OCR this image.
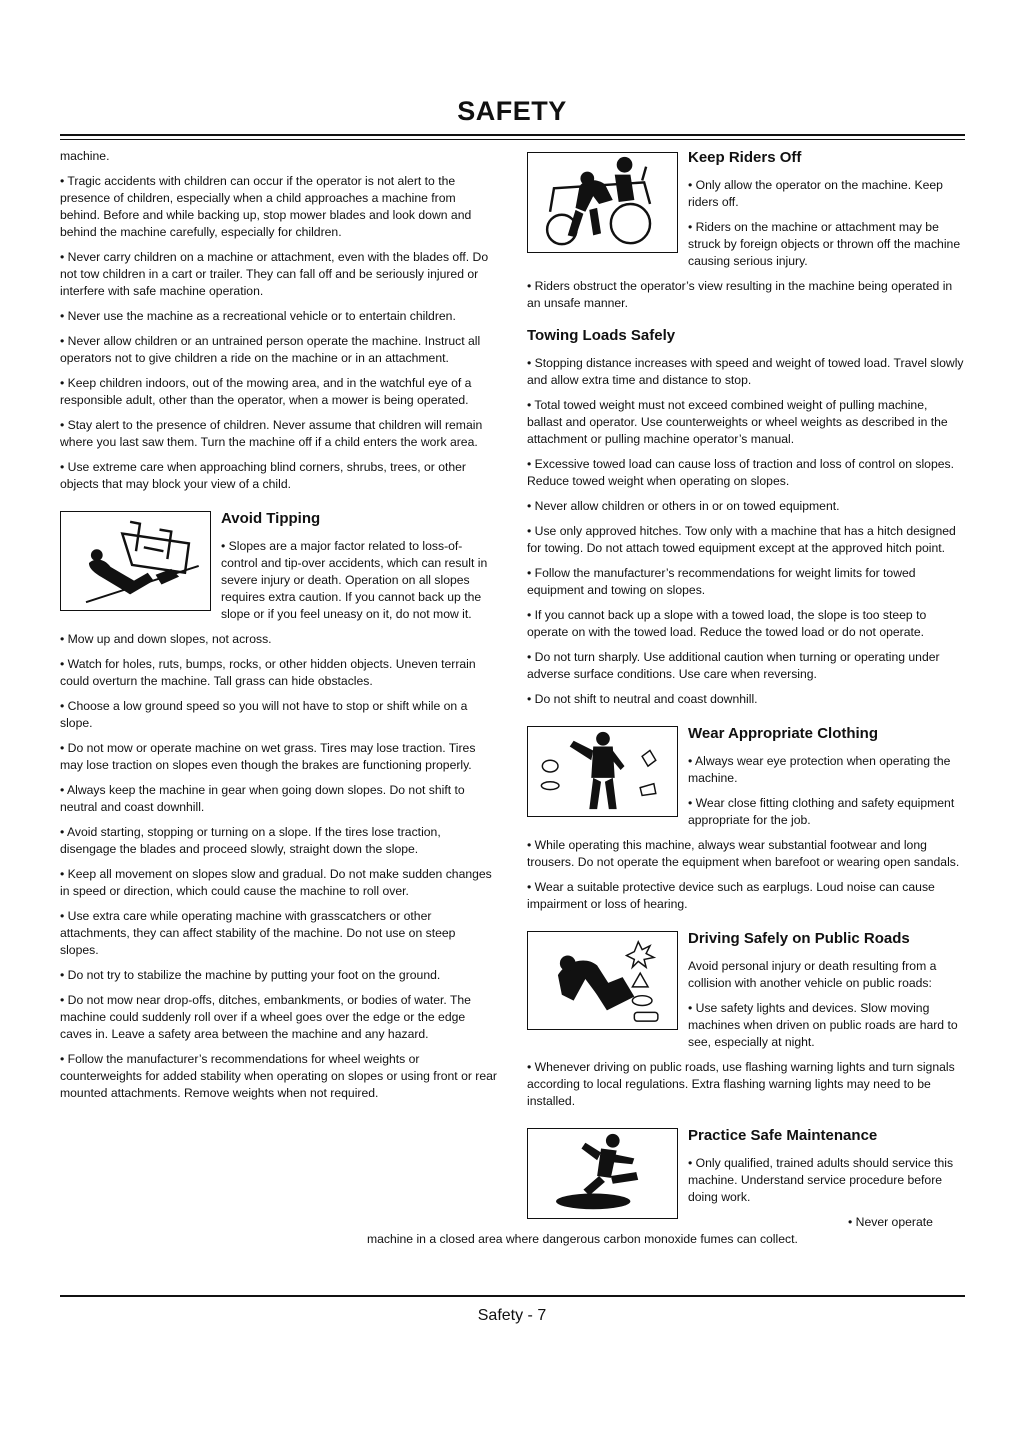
SAFETY

machine.

• Tragic accidents with children can occur if the operator is not alert to the presence of children, especially when a child approaches a machine from behind. Before and while backing up, stop mower blades and look down and behind the machine carefully, especially for children.

• Never carry children on a machine or attachment, even with the blades off. Do not tow children in a cart or trailer. They can fall off and be seriously injured or interfere with safe machine operation.

• Never use the machine as a recreational vehicle or to entertain children.

• Never allow children or an untrained person operate the machine. Instruct all operators not to give children a ride on the machine or in an attachment.

• Keep children indoors, out of the mowing area, and in the watchful eye of a responsible adult, other than the operator, when a mower is being operated.

• Stay alert to the presence of children. Never assume that children will remain where you last saw them. Turn the machine off if a child enters the work area.

• Use extreme care when approaching blind corners, shrubs, trees, or other objects that may block your view of a child.

Avoid Tipping

• Slopes are a major factor related to loss-of-control and tip-over accidents, which can result in severe injury or death. Operation on all slopes requires extra caution. If you cannot back up the slope or if you feel uneasy on it, do not mow it.

• Mow up and down slopes, not across.

• Watch for holes, ruts, bumps, rocks, or other hidden objects. Uneven terrain could overturn the machine. Tall grass can hide obstacles.

• Choose a low ground speed so you will not have to stop or shift while on a slope.

• Do not mow or operate machine on wet grass. Tires may lose traction. Tires may lose traction on slopes even though the brakes are functioning properly.

• Always keep the machine in gear when going down slopes. Do not shift to neutral and coast downhill.

• Avoid starting, stopping or turning on a slope. If the tires lose traction, disengage the blades and proceed slowly, straight down the slope.

• Keep all movement on slopes slow and gradual. Do not make sudden changes in speed or direction, which could cause the machine to roll over.

• Use extra care while operating machine with grasscatchers or other attachments, they can affect stability of the machine. Do not use on steep slopes.

• Do not try to stabilize the machine by putting your foot on the ground.

• Do not mow near drop-offs, ditches, embankments, or bodies of water. The machine could suddenly roll over if a wheel goes over the edge or the edge caves in. Leave a safety area between the machine and any hazard.

• Follow the manufacturer’s recommendations for wheel weights or counterweights for added stability when operating on slopes or using front or rear mounted attachments. Remove weights when not required.

Keep Riders Off

• Only allow the operator on the machine. Keep riders off.

• Riders on the machine or attachment may be struck by foreign objects or thrown off the machine causing serious injury.

• Riders obstruct the operator’s view resulting in the machine being operated in an unsafe manner.

Towing Loads Safely

• Stopping distance increases with speed and weight of towed load. Travel slowly and allow extra time and distance to stop.

• Total towed weight must not exceed combined weight of pulling machine, ballast and operator. Use counterweights or wheel weights as described in the attachment or pulling machine operator’s manual.

• Excessive towed load can cause loss of traction and loss of control on slopes. Reduce towed weight when operating on slopes.

• Never allow children or others in or on towed equipment.

• Use only approved hitches. Tow only with a machine that has a hitch designed for towing. Do not attach towed equipment except at the approved hitch point.

• Follow the manufacturer’s recommendations for weight limits for towed equipment and towing on slopes.

• If you cannot back up a slope with a towed load, the slope is too steep to operate on with the towed load. Reduce the towed load or do not operate.

• Do not turn sharply. Use additional caution when turning or operating under adverse surface conditions. Use care when reversing.

• Do not shift to neutral and coast downhill.

Wear Appropriate Clothing

• Always wear eye protection when operating the machine.

• Wear close fitting clothing and safety equipment appropriate for the job.

• While operating this machine, always wear substantial footwear and long trousers. Do not operate the equipment when barefoot or wearing open sandals.

• Wear a suitable protective device such as earplugs. Loud noise can cause impairment or loss of hearing.

Driving Safely on Public Roads

Avoid personal injury or death resulting from a collision with another vehicle on public roads:

• Use safety lights and devices. Slow moving machines when driven on public roads are hard to see, especially at night.

• Whenever driving on public roads, use flashing warning lights and turn signals according to local regulations. Extra flashing warning lights may need to be installed.

Practice Safe Maintenance

• Only qualified, trained adults should service this machine. Understand service procedure before doing work.

• Never operate machine in a closed area where dangerous carbon monoxide fumes can collect.

Safety - 7
